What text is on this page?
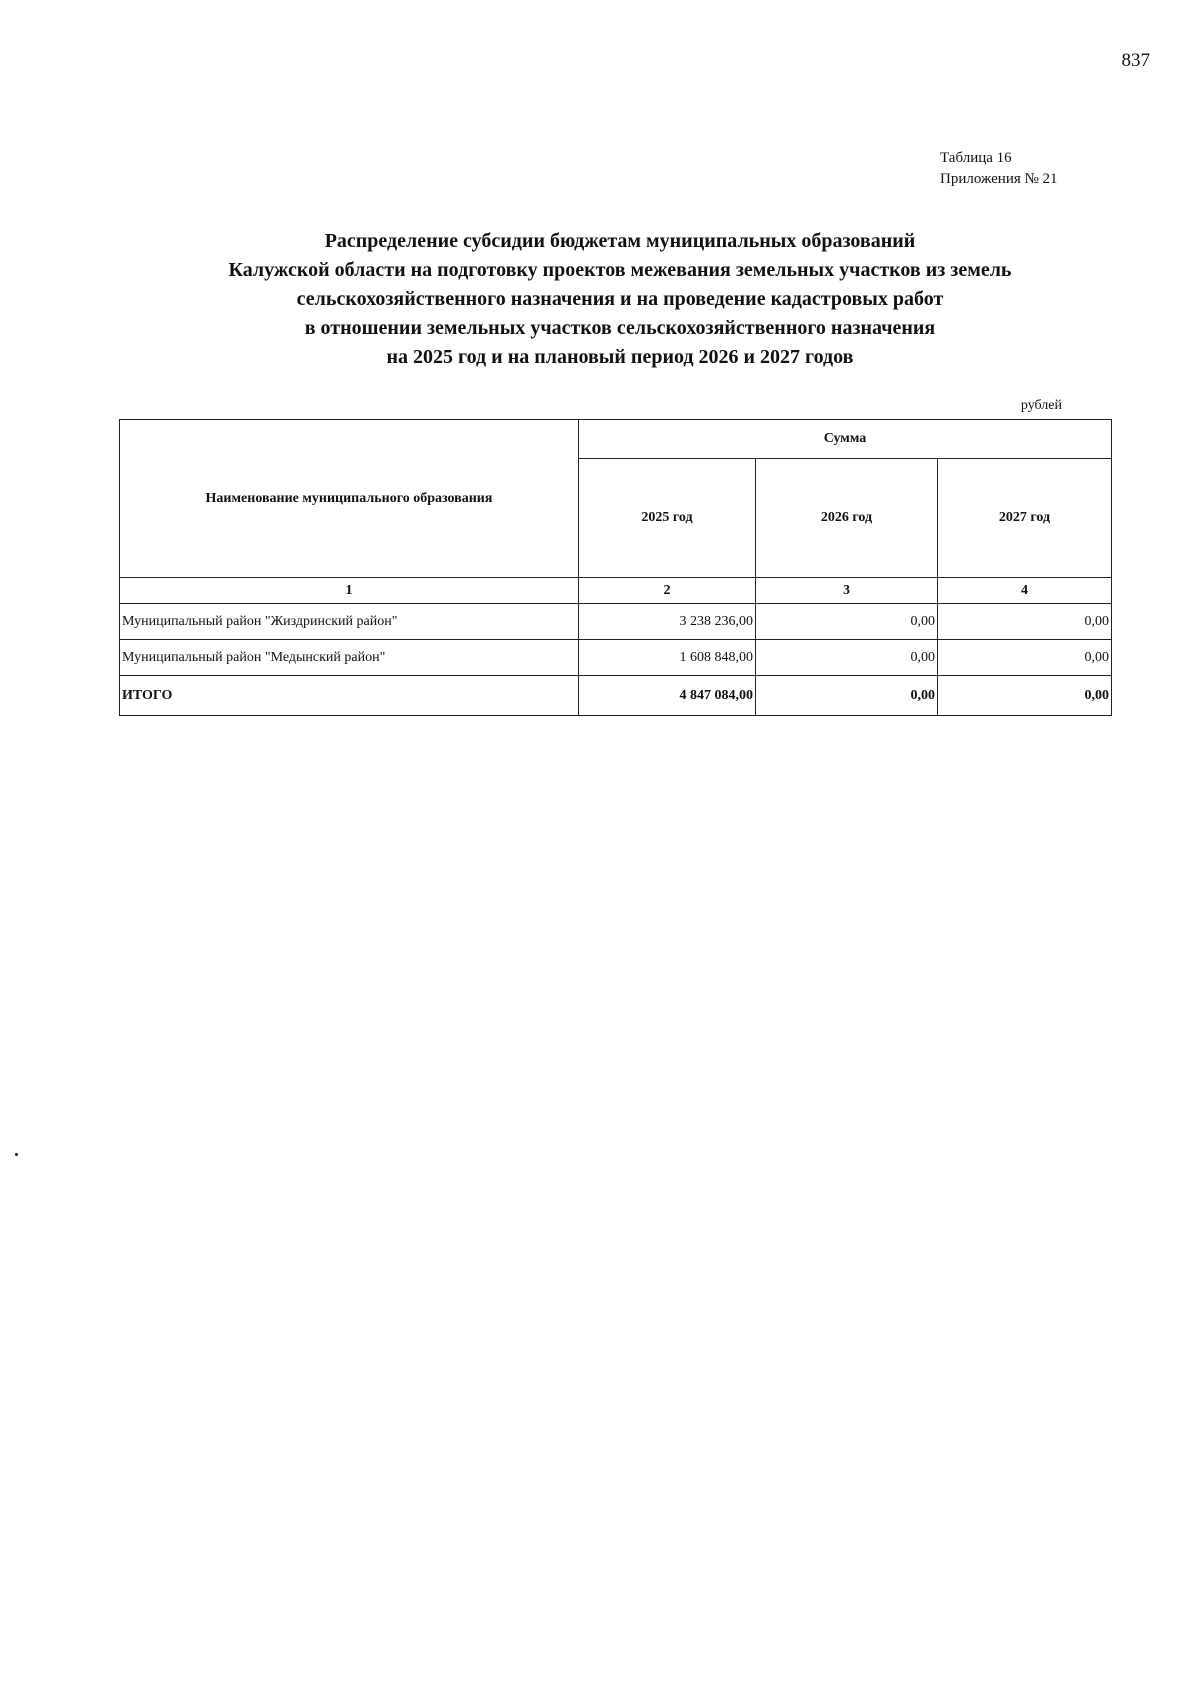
837
Таблица 16
Приложения № 21
Распределение субсидии бюджетам муниципальных образований
Калужской области на подготовку проектов межевания земельных участков из земель
сельскохозяйственного назначения и на проведение кадастровых работ
в отношении земельных участков сельскохозяйственного назначения
на 2025 год и на плановый период 2026 и 2027 годов
рублей
Наименование муниципального образования	Сумма		
	2025 год	2026 год	2027 год
1	2	3	4
Муниципальный район "Жиздринский район"	3 238 236,00	0,00	0,00
Муниципальный район "Медынский район"	1 608 848,00	0,00	0,00
ИТОГО	4 847 084,00	0,00	0,00
